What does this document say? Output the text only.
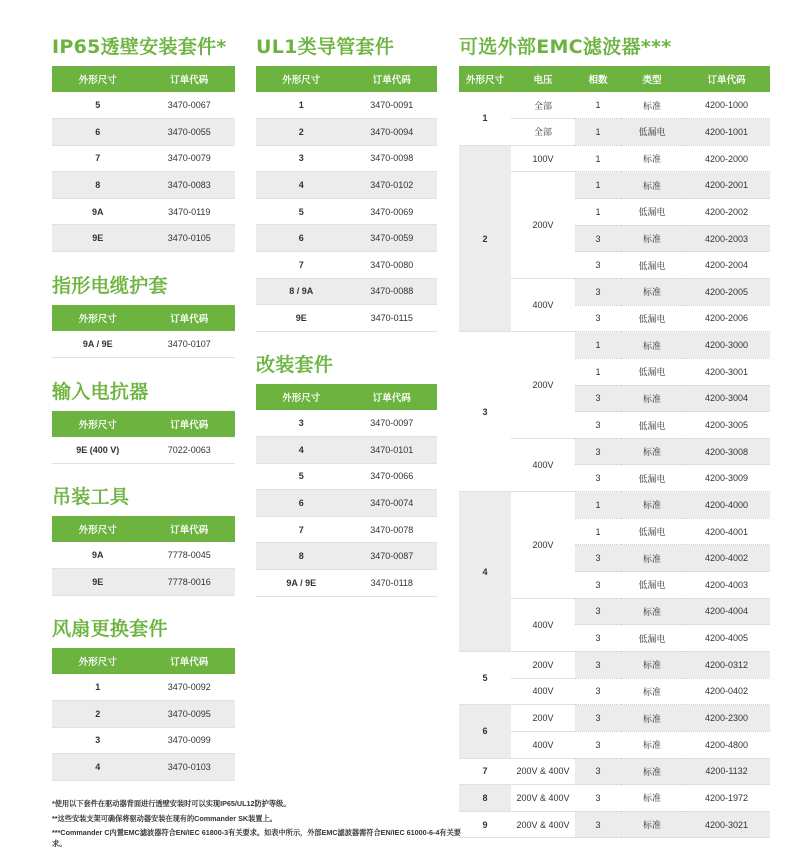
IP65透壁安装套件*
外形尺寸	订单代码
5	3470-0067
6	3470-0055
7	3470-0079
8	3470-0083
9A	3470-0119
9E	3470-0105
指形电缆护套
外形尺寸	订单代码
9A / 9E	3470-0107
输入电抗器
外形尺寸	订单代码
9E (400 V)	7022-0063
吊装工具
外形尺寸	订单代码
9A	7778-0045
9E	7778-0016
风扇更换套件
外形尺寸	订单代码
1	3470-0092
2	3470-0095
3	3470-0099
4	3470-0103
UL1类导管套件
外形尺寸	订单代码
1	3470-0091
2	3470-0094
3	3470-0098
4	3470-0102
5	3470-0069
6	3470-0059
7	3470-0080
8 / 9A	3470-0088
9E	3470-0115
改装套件
外形尺寸	订单代码
3	3470-0097
4	3470-0101
5	3470-0066
6	3470-0074
7	3470-0078
8	3470-0087
9A / 9E	3470-0118
可选外部EMC滤波器***
外形尺寸	电压	相数	类型	订单代码
1	全部	1	标准	4200-1000
	全部	1	低漏电	4200-1001
2	100V	1	标准	4200-2000
	200V	1	标准	4200-2001
		1	低漏电	4200-2002
		3	标准	4200-2003
		3	低漏电	4200-2004
	400V	3	标准	4200-2005
		3	低漏电	4200-2006
3	200V	1	标准	4200-3000
		1	低漏电	4200-3001
		3	标准	4200-3004
		3	低漏电	4200-3005
	400V	3	标准	4200-3008
		3	低漏电	4200-3009
4	200V	1	标准	4200-4000
		1	低漏电	4200-4001
		3	标准	4200-4002
		3	低漏电	4200-4003
	400V	3	标准	4200-4004
		3	低漏电	4200-4005
5	200V	3	标准	4200-0312
	400V	3	标准	4200-0402
6	200V	3	标准	4200-2300
	400V	3	标准	4200-4800
7	200V & 400V	3	标准	4200-1132
8	200V & 400V	3	标准	4200-1972
9	200V & 400V	3	标准	4200-3021

*使用以下套件在驱动器背面进行透壁安装时可以实现IP65/UL12防护等级。

**这些安装支架可确保将驱动器安装在现有的Commander SK装置上。

***Commander C内置EMC滤波器符合EN/IEC 61800-3有关要求。如表中所示，外部EMC滤波器需符合EN/IEC 61000-6-4有关要求。
